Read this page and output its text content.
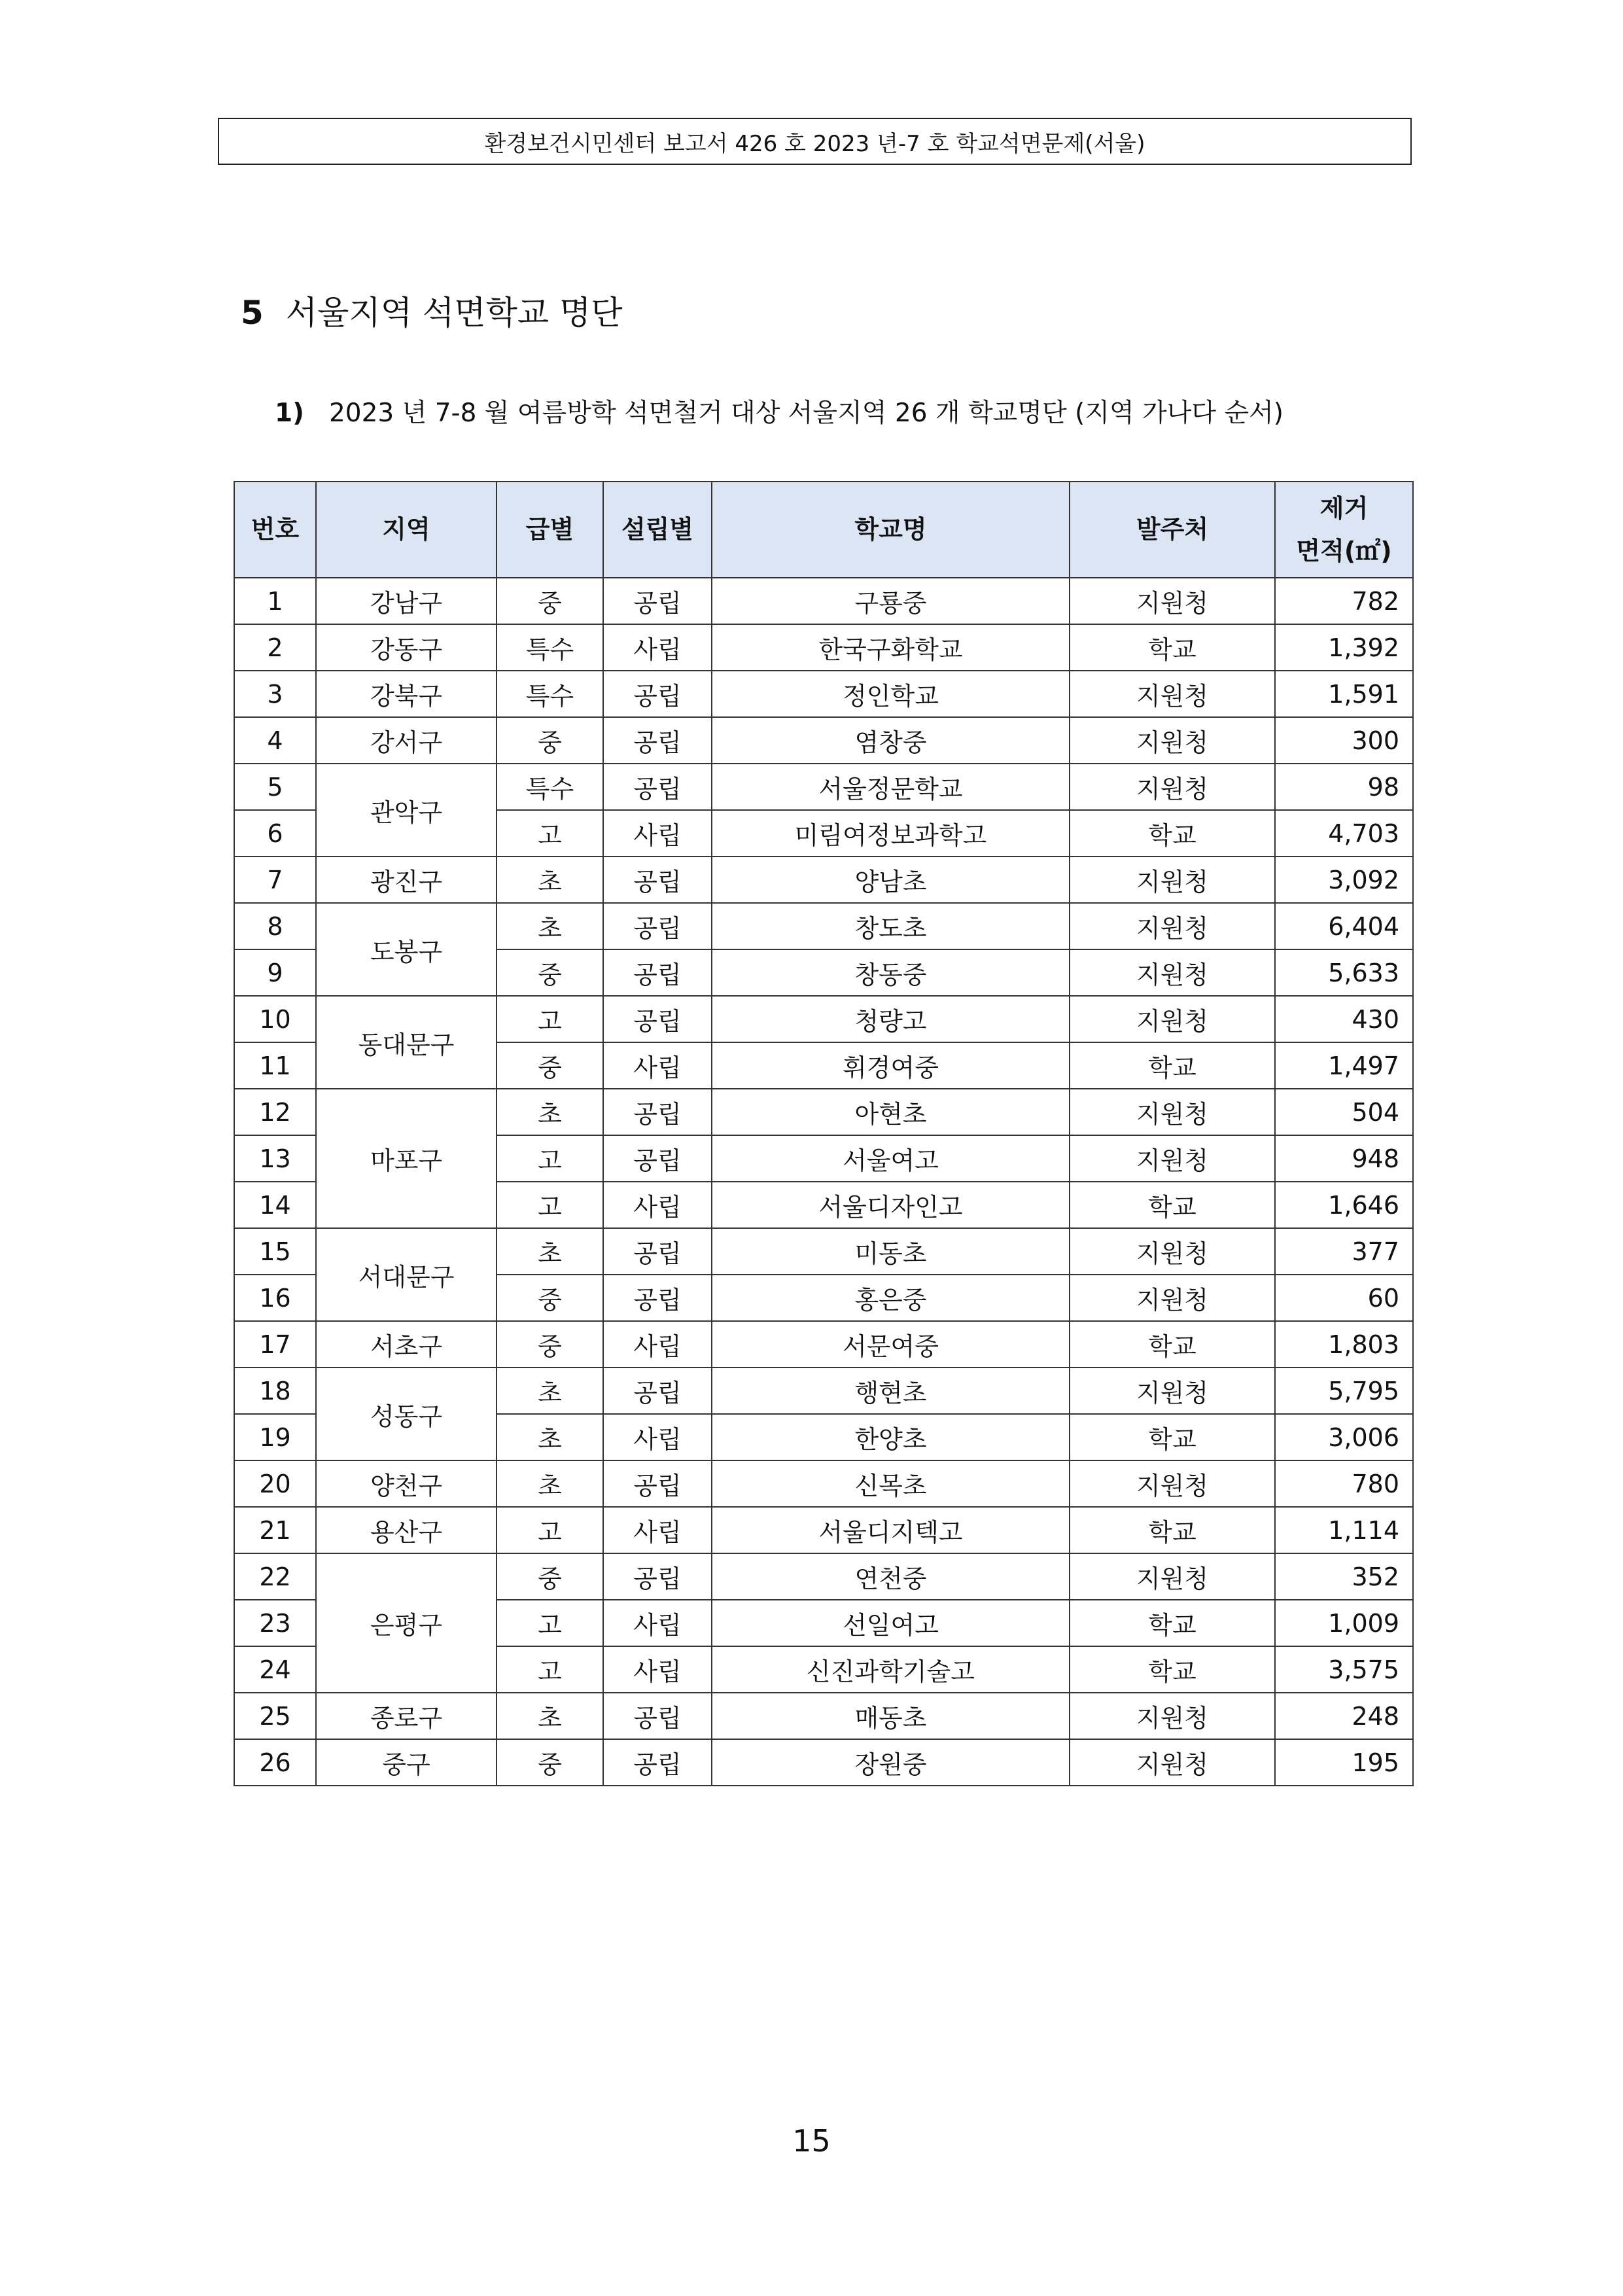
환경보건시민센터 보고서 426 호 2023 년-7 호 학교석면문제(서울)
5 서울지역 석면학교 명단
1) 2023 년 7-8 월 여름방학 석면철거 대상 서울지역 26 개 학교명단 (지역 가나다 순서)
번호	지역	급별	설립별	학교명	발주처	제거
면적(㎡)
1	강남구	중	공립	구룡중	지원청	782
2	강동구	특수	사립	한국구화학교	학교	1,392
3	강북구	특수	공립	정인학교	지원청	1,591
4	강서구	중	공립	염창중	지원청	300
5	관악구	특수	공립	서울정문학교	지원청	98
6		고	사립	미림여정보과학고	학교	4,703
7	광진구	초	공립	양남초	지원청	3,092
8	도봉구	초	공립	창도초	지원청	6,404
9		중	공립	창동중	지원청	5,633
10	동대문구	고	공립	청량고	지원청	430
11		중	사립	휘경여중	학교	1,497
12	마포구	초	공립	아현초	지원청	504
13		고	공립	서울여고	지원청	948
14		고	사립	서울디자인고	학교	1,646
15	서대문구	초	공립	미동초	지원청	377
16		중	공립	홍은중	지원청	60
17	서초구	중	사립	서문여중	학교	1,803
18	성동구	초	공립	행현초	지원청	5,795
19		초	사립	한양초	학교	3,006
20	양천구	초	공립	신목초	지원청	780
21	용산구	고	사립	서울디지텍고	학교	1,114
22	은평구	중	공립	연천중	지원청	352
23		고	사립	선일여고	학교	1,009
24		고	사립	신진과학기술고	학교	3,575
25	종로구	초	공립	매동초	지원청	248
26	중구	중	공립	장원중	지원청	195
15
